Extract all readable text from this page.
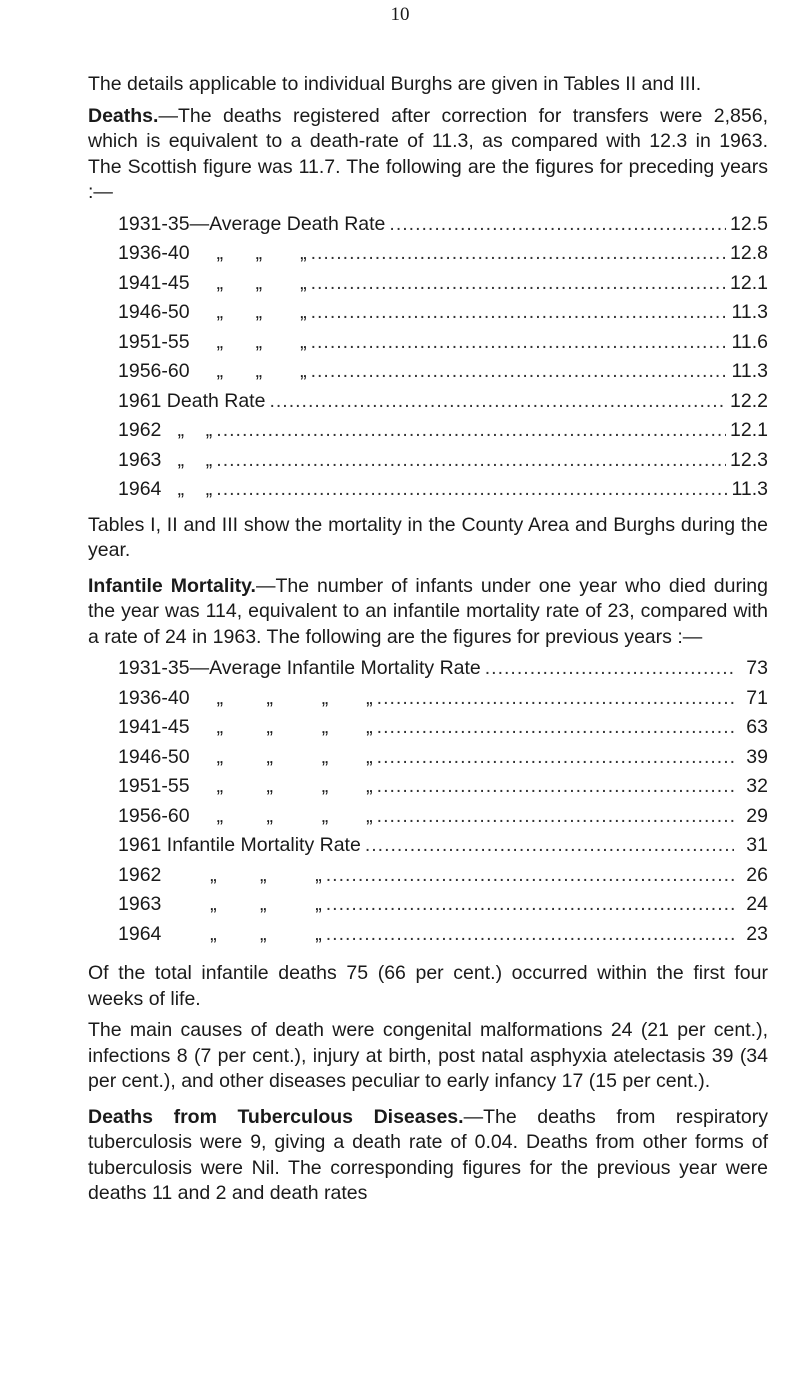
10

The details applicable to individual Burghs are given in Tables II and III.

Deaths.—The deaths registered after correction for transfers were 2,856, which is equivalent to a death-rate of 11.3, as compared with 12.3 in 1963. The Scottish figure was 11.7. The following are the figures for preceding years :—

1931-35—Average Death Rate .....	12.5
1936-40     „      „       „ .....	12.8
1941-45     „      „       „ .....	12.1
1946-50     „      „       „ .....	11.3
1951-55     „      „       „ .....	11.6
1956-60     „      „       „ .....	11.3
1961 Death Rate .....	12.2
1962   „    „ .....	12.1
1963   „    „ .....	12.3
1964   „    „ .....	11.3

Tables I, II and III show the mortality in the County Area and Burghs during the year.

Infantile Mortality.—The number of infants under one year who died during the year was 114, equivalent to an infantile mortality rate of 23, compared with a rate of 24 in 1963. The following are the figures for previous years :—

1931-35—Average Infantile Mortality Rate .....	73
1936-40     „        „         „       „ .....	71
1941-45     „        „         „       „ .....	63
1946-50     „        „         „       „ .....	39
1951-55     „        „         „       „ .....	32
1956-60     „        „         „       „ .....	29
1961 Infantile Mortality Rate .....	31
1962         „        „         „ .....	26
1963         „        „         „ .....	24
1964         „        „         „ .....	23

Of the total infantile deaths 75 (66 per cent.) occurred within the first four weeks of life.

The main causes of death were congenital malformations 24 (21 per cent.), infections 8 (7 per cent.), injury at birth, post natal asphyxia atelectasis 39 (34 per cent.), and other diseases peculiar to early infancy 17 (15 per cent.).

Deaths from Tuberculous Diseases.—The deaths from respiratory tuberculosis were 9, giving a death rate of 0.04. Deaths from other forms of tuberculosis were Nil. The corresponding figures for the previous year were deaths 11 and 2 and death rates
